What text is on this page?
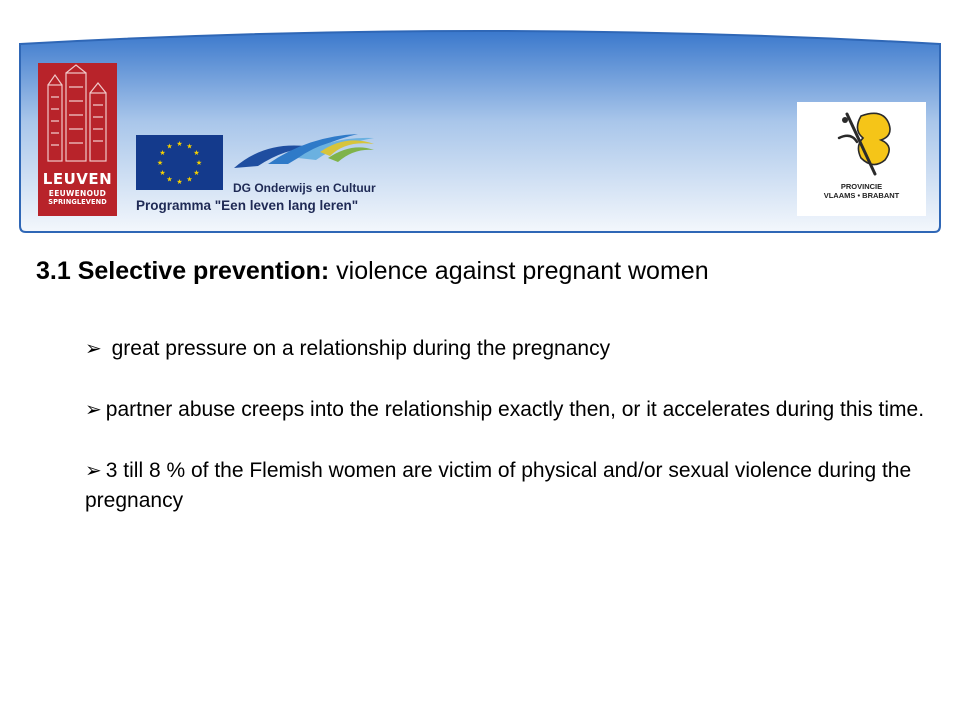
LEUVEN
EEUWENOUD
SPRINGLEVEND
★ ★
★
★
★
★
★
★
★
★
★
★
DG Onderwijs en Cultuur
Programma "Een leven lang leren"
PROVINCIE
VLAAMS • BRABANT
3.1 Selective prevention: violence against pregnant women
➢ great pressure on a relationship during the pregnancy
➢ partner abuse creeps into the relationship exactly then, or it accelerates during this time.
➢ 3 till 8 % of the Flemish women are victim of physical and/or sexual violence during the pregnancy
